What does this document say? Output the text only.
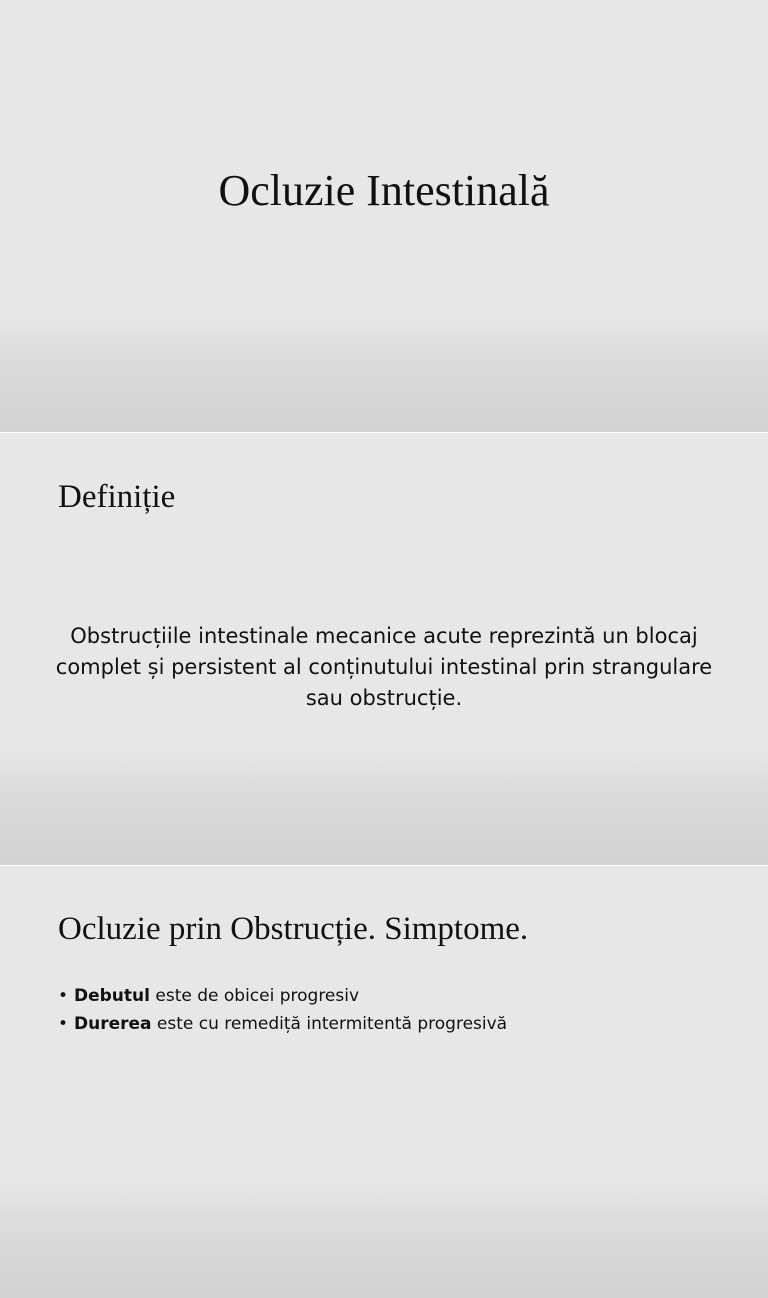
Ocluzie Intestinală
Definiție

Obstrucțiile intestinale mecanice acute reprezintă un blocaj complet și persistent al conținutului intestinal prin strangulare sau obstrucție.

Ocluzie prin Obstrucție. Simptome.
• Debutul este de obicei progresiv
• Durerea este cu remediță intermitentă progresivă
